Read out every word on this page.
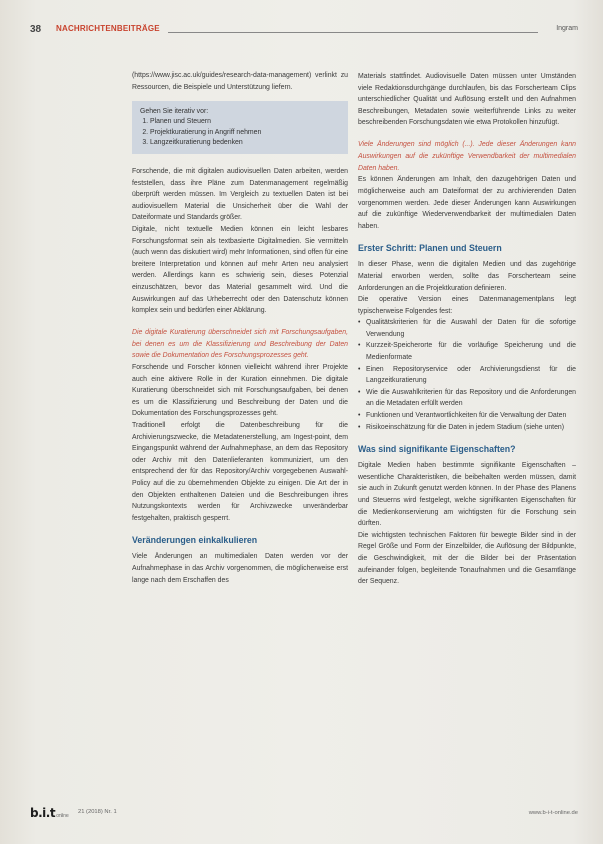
38 NACHRICHTENBEITRÄGE	Ingram

(https://www.jisc.ac.uk/guides/research-data-management) verlinkt zu Ressourcen, die Beispiele und Unterstützung liefern.

Gehen Sie iterativ vor:
1. Planen und Steuern
2. Projektkuratierung in Angriff nehmen
3. Langzeitkuratierung bedenken

Forschende, die mit digitalen audiovisuellen Daten arbeiten, werden feststellen, dass ihre Pläne zum Datenmanagement regelmäßig überprüft werden müssen. Im Vergleich zu textuellen Daten ist bei audiovisuellem Material die Unsicherheit über die Wahl der Dateiformate und Standards größer.

Digitale, nicht textuelle Medien können ein leicht lesbares Forschungsformat sein als textbasierte Digitalmedien. Sie vermitteln (auch wenn das diskutiert wird) mehr Informationen, sind offen für eine breitere Interpretation und können auf mehr Arten neu analysiert werden. Allerdings kann es schwierig sein, dieses Potenzial einzuschätzen, bevor das Material gesammelt wird. Und die Auswirkungen auf das Urheberrecht oder den Datenschutz können komplex sein und bedürfen einer Abklärung.

Die digitale Kuratierung überschneidet sich mit Forschungsaufgaben, bei denen es um die Klassifizierung und Beschreibung der Daten sowie die Dokumentation des Forschungsprozesses geht.

Forschende und Forscher können vielleicht während ihrer Projekte auch eine aktivere Rolle in der Kuration einnehmen. Die digitale Kuratierung überschneidet sich mit Forschungsaufgaben, bei denen es um die Klassifizierung und Beschreibung der Daten und die Dokumentation des Forschungsprozesses geht.

Traditionell erfolgt die Datenbeschreibung für die Archivierungszwecke, die Metadatenerstellung, am Ingest-point, dem Eingangspunkt während der Aufnahmephase, an dem das Repository oder Archiv mit den Datenlieferanten kommuniziert, um den entsprechend der für das Repository/Archiv vorgegebenen Auswahl-Policy auf die zu übernehmenden Objekte zu einigen. Die Art der in den Objekten enthaltenen Dateien und die Beschreibungen ihres Nutzungskontexts werden für Archivzwecke unveränderbar festgehalten, praktisch gesperrt.

Veränderungen einkalkulieren

Viele Änderungen an multimedialen Daten werden vor der Aufnahmephase in das Archiv vorgenommen, die möglicherweise erst lange nach dem Erschaffen des

Materials stattfindet. Audiovisuelle Daten müssen unter Umständen viele Redaktionsdurchgänge durchlaufen, bis das Forscherteam Clips unterschiedlicher Qualität und Auflösung erstellt und den Aufnahmen Beschreibungen, Metadaten sowie weiterführende Links zu weiter beschreibenden Forschungsdaten wie etwa Protokollen hinzufügt.

Viele Änderungen sind möglich (...). Jede dieser Änderungen kann Auswirkungen auf die zukünftige Verwendbarkeit der multimedialen Daten haben.

Es können Änderungen am Inhalt, den dazugehörigen Daten und möglicherweise auch am Dateiformat der zu archivierenden Daten vorgenommen werden. Jede dieser Änderungen kann Auswirkungen auf die zukünftige Wiederverwendbarkeit der multimedialen Daten haben.

Erster Schritt: Planen und Steuern

In dieser Phase, wenn die digitalen Medien und das zugehörige Material erworben werden, sollte das Forscherteam seine Anforderungen an die Projektkuration definieren.

Die operative Version eines Datenmanagementplans legt typischerweise Folgendes fest:

• Qualitätskriterien für die Auswahl der Daten für die sofortige Verwendung
• Kurzzeit-Speicherorte für die vorläufige Speicherung und die Medienformate
• Einen Repositoryservice oder Archivierungsdienst für die Langzeitkuratierung
• Wie die Auswahlkriterien für das Repository und die Anforderungen an die Metadaten erfüllt werden
• Funktionen und Verantwortlichkeiten für die Verwaltung der Daten
• Risikoeinschätzung für die Daten in jedem Stadium (siehe unten)
Was sind signifikante Eigenschaften?

Digitale Medien haben bestimmte signifikante Eigenschaften – wesentliche Charakteristiken, die beibehalten werden müssen, damit sie auch in Zukunft genutzt werden können. In der Phase des Planens und Steuerns wird festgelegt, welche signifikanten Eigenschaften für die Medienkonservierung am wichtigsten für die Forschung sein dürften.

Die wichtigsten technischen Faktoren für bewegte Bilder sind in der Regel Größe und Form der Einzelbilder, die Auflösung der Bildpunkte, die Geschwindigkeit, mit der die Bilder bei der Präsentation aufeinander folgen, begleitende Tonaufnahmen und die Gesamtlänge der Sequenz.

b.i.tonline
21 (2018) Nr. 1	www.b-i-t-online.de
